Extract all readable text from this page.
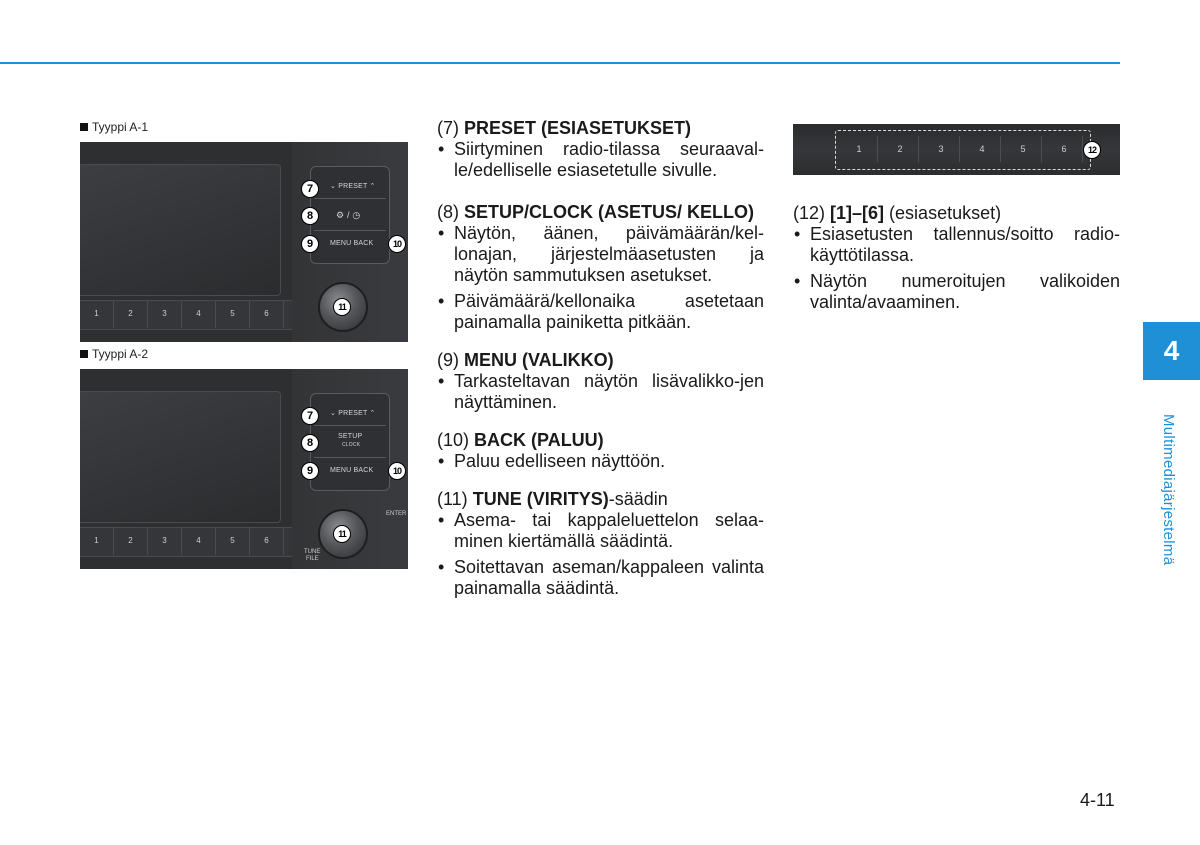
Tyyppi A-1
⌄ PRESET ⌃
⚙ / ◷
MENU BACK
1	2	3	4	5	6
7
8
9	10
11
Tyyppi A-2
⌄ PRESET ⌃
SETUP
CLOCK
MENU BACK
ENTER
TUNE
FILE
1	2	3	4	5	6
7
8
9	10
11

(7) PRESET (ESIASETUKSET)

• Siirtyminen radio-tilassa seuraaval-le/edelliselle esiasetetulle sivulle.

(8) SETUP/CLOCK (ASETUS/ KELLO)

• Näytön, äänen, päivämäärän/kel-lonajan, järjestelmäasetusten ja näytön sammutuksen asetukset.

• Päivämäärä/kellonaika asetetaan painamalla painiketta pitkään.

(9) MENU (VALIKKO)

• Tarkasteltavan näytön lisävalikko-jen näyttäminen.

(10) BACK (PALUU)

• Paluu edelliseen näyttöön.

(11) TUNE (VIRITYS)-säädin

• Asema- tai kappaleluettelon selaa-minen kiertämällä säädintä.

• Soitettavan aseman/kappaleen valinta painamalla säädintä.

1	2	3	4	5	6	12

(12) [1]–[6] (esiasetukset)

• Esiasetusten tallennus/soitto radio-käyttötilassa.

• Näytön numeroitujen valikoiden valinta/avaaminen.

4
Multimediajärjestelmä
4-11
